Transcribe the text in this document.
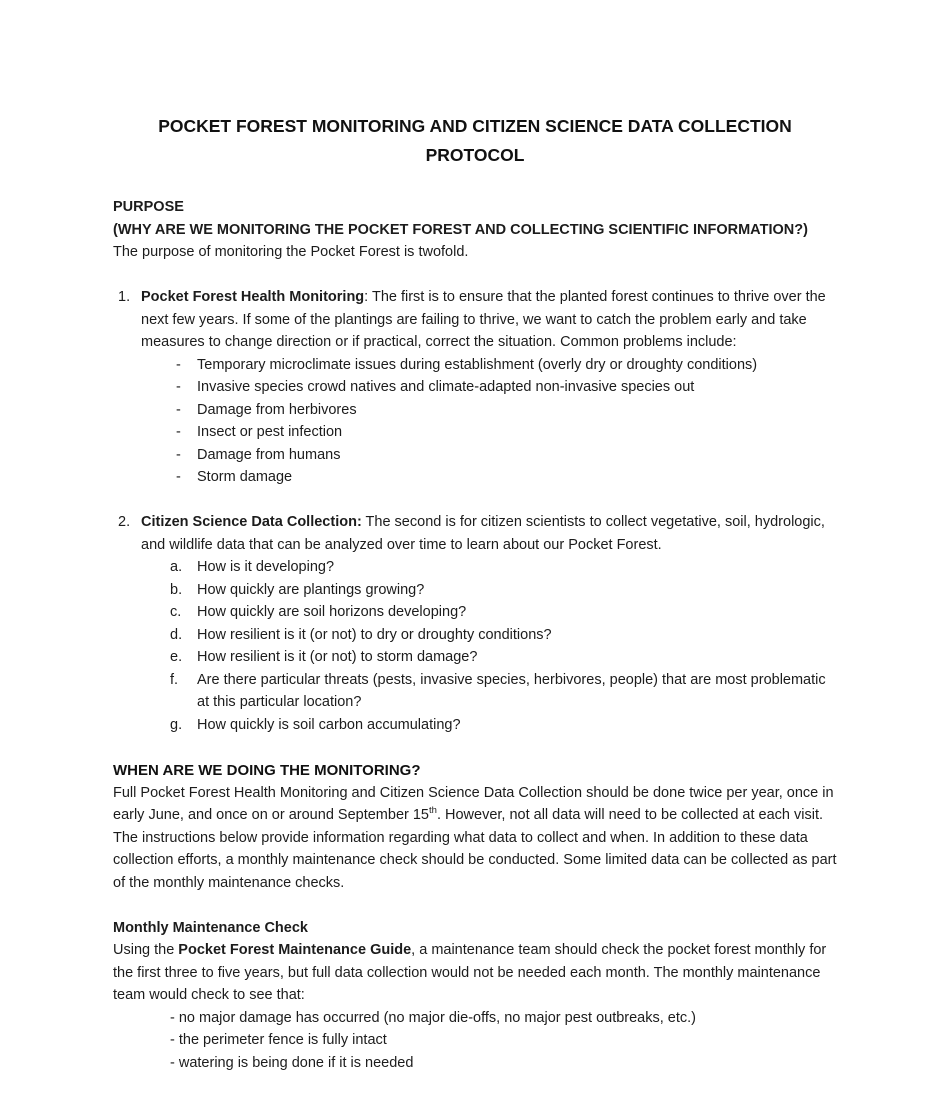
POCKET FOREST MONITORING AND CITIZEN SCIENCE DATA COLLECTION
PROTOCOL

PURPOSE

(WHY ARE WE MONITORING THE POCKET FOREST AND COLLECTING SCIENTIFIC INFORMATION?)

The purpose of monitoring the Pocket Forest is twofold.

1. Pocket Forest Health Monitoring: The first is to ensure that the planted forest continues to thrive over the next few years. If some of the plantings are failing to thrive, we want to catch the problem early and take measures to change direction or if practical, correct the situation. Common problems include:

-	Temporary microclimate issues during establishment (overly dry or droughty conditions)
-	Invasive species crowd natives and climate-adapted non-invasive species out
-	Damage from herbivores
-	Insect or pest infection
-	Damage from humans
-	Storm damage
2. Citizen Science Data Collection: The second is for citizen scientists to collect vegetative, soil, hydrologic, and wildlife data that can be analyzed over time to learn about our Pocket Forest.

a.	How is it developing?
b.	How quickly are plantings growing?
c.	How quickly are soil horizons developing?
d.	How resilient is it (or not) to dry or droughty conditions?
e.	How resilient is it (or not) to storm damage?
f.	Are there particular threats (pests, invasive species, herbivores, people) that are most problematic at this particular location?
g.	How quickly is soil carbon accumulating?

WHEN ARE WE DOING THE MONITORING?

Full Pocket Forest Health Monitoring and Citizen Science Data Collection should be done twice per year, once in early June, and once on or around September 15th. However, not all data will need to be collected at each visit. The instructions below provide information regarding what data to collect and when. In addition to these data collection efforts, a monthly maintenance check should be conducted. Some limited data can be collected as part of the monthly maintenance checks.

Monthly Maintenance Check

Using the Pocket Forest Maintenance Guide, a maintenance team should check the pocket forest monthly for the first three to five years, but full data collection would not be needed each month. The monthly maintenance team would check to see that:

- no major damage has occurred (no major die-offs, no major pest outbreaks, etc.)

- the perimeter fence is fully intact

- watering is being done if it is needed
